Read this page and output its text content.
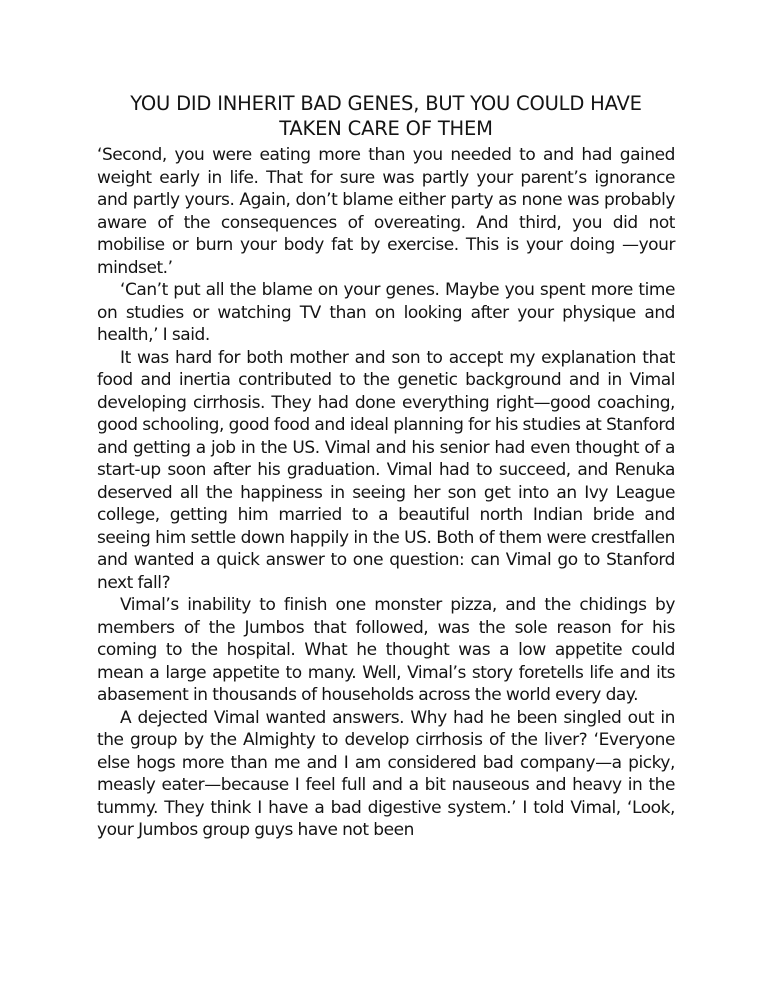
YOU DID INHERIT BAD GENES, BUT YOU COULD HAVE
TAKEN CARE OF THEM

‘Second, you were eating more than you needed to and had gained weight early in life. That for sure was partly your parent’s ignorance and partly yours. Again, don’t blame either party as none was probably aware of the consequences of overeating. And third, you did not mobilise or burn your body fat by exercise. This is your doing —your mindset.’

‘Can’t put all the blame on your genes. Maybe you spent more time on studies or watching TV than on looking after your physique and health,’ I said.

It was hard for both mother and son to accept my explanation that food and inertia contributed to the genetic background and in Vimal developing cirrhosis. They had done everything right—good coaching, good schooling, good food and ideal planning for his studies at Stanford and getting a job in the US. Vimal and his senior had even thought of a start-up soon after his graduation. Vimal had to succeed, and Renuka deserved all the happiness in seeing her son get into an Ivy League college, getting him married to a beautiful north Indian bride and seeing him settle down happily in the US. Both of them were crestfallen and wanted a quick answer to one question: can Vimal go to Stanford next fall?

Vimal’s inability to finish one monster pizza, and the chidings by members of the Jumbos that followed, was the sole reason for his coming to the hospital. What he thought was a low appetite could mean a large appetite to many. Well, Vimal’s story foretells life and its abasement in thousands of households across the world every day.

A dejected Vimal wanted answers. Why had he been singled out in the group by the Almighty to develop cirrhosis of the liver? ‘Everyone else hogs more than me and I am considered bad company—a picky, measly eater—because I feel full and a bit nauseous and heavy in the tummy. They think I have a bad digestive system.’ I told Vimal, ‘Look, your Jumbos group guys have not been
